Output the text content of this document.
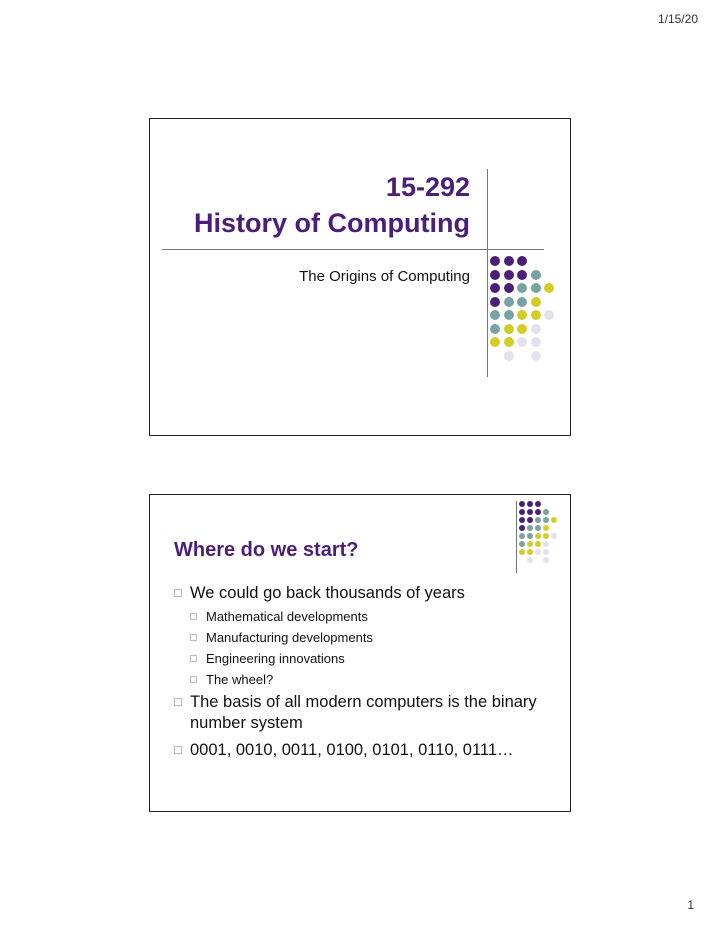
1/15/20
15-292
History of Computing
The Origins of Computing
Where do we start?
We could go back thousands of years
Mathematical developments
Manufacturing developments
Engineering innovations
The wheel?
The basis of all modern computers is the binary number system
0001, 0010, 0011, 0100, 0101, 0110, 0111…
1
